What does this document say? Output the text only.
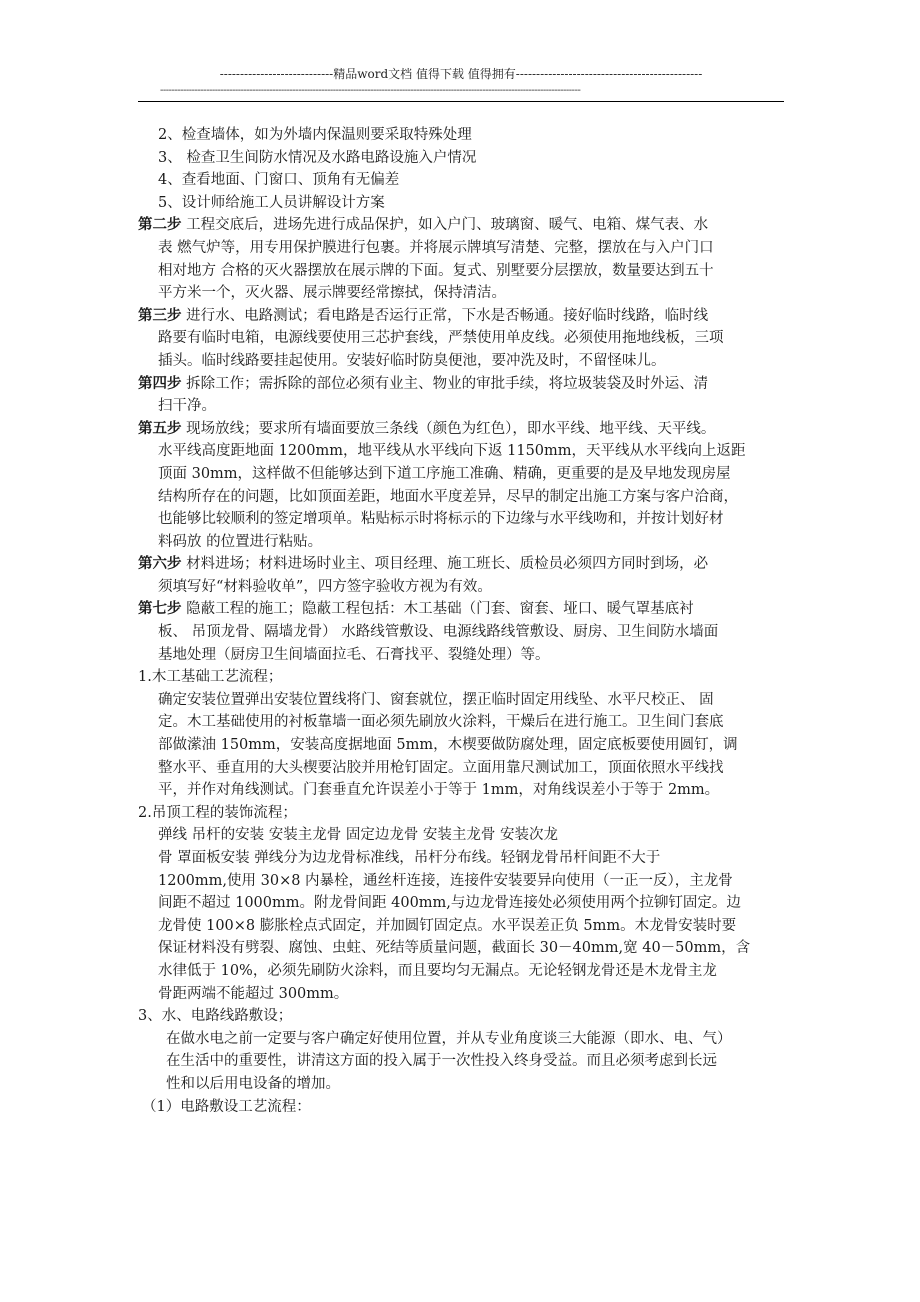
----------------------------精品word文档 值得下载 值得拥有----------------------------------------------
--------------------------------------------------------------------------------------------------------------------------------------------------
2、检查墙体，如为外墙内保温则要采取特殊处理
3、 检查卫生间防水情况及水路电路设施入户情况
4、查看地面、门窗口、顶角有无偏差
5、设计师给施工人员讲解设计方案
第二步 工程交底后，进场先进行成品保护，如入户门、玻璃窗、暖气、电箱、煤气表、水
表 燃气炉等，用专用保护膜进行包裹。并将展示牌填写清楚、完整，摆放在与入户门口
相对地方 合格的灭火器摆放在展示牌的下面。复式、别墅要分层摆放，数量要达到五十
平方米一个，灭火器、展示牌要经常擦拭，保持清洁。
第三步 进行水、电路测试；看电路是否运行正常，下水是否畅通。接好临时线路，临时线
路要有临时电箱，电源线要使用三芯护套线，严禁使用单皮线。必须使用拖地线板，三项
插头。临时线路要挂起使用。安装好临时防臭便池，要冲洗及时，不留怪味儿。
第四步 拆除工作；需拆除的部位必须有业主、物业的审批手续，将垃圾装袋及时外运、清
扫干净。
第五步 现场放线；要求所有墙面要放三条线（颜色为红色），即水平线、地平线、天平线。
水平线高度距地面 1200mm，地平线从水平线向下返 1150mm，天平线从水平线向上返距
顶面 30mm，这样做不但能够达到下道工序施工准确、精确，更重要的是及早地发现房屋
结构所存在的问题，比如顶面差距，地面水平度差异，尽早的制定出施工方案与客户洽商，
也能够比较顺利的签定增项单。粘贴标示时将标示的下边缘与水平线吻和，并按计划好材
料码放 的位置进行粘贴。
第六步 材料进场；材料进场时业主、项目经理、施工班长、质检员必须四方同时到场，必
须填写好“材料验收单”，四方签字验收方视为有效。
第七步 隐蔽工程的施工；隐蔽工程包括：木工基础（门套、窗套、垭口、暖气罩基底衬
板、 吊顶龙骨、隔墙龙骨） 水路线管敷设、电源线路线管敷设、厨房、卫生间防水墙面
基地处理（厨房卫生间墙面拉毛、石膏找平、裂缝处理）等。
1.木工基础工艺流程；
确定安装位置弹出安装位置线将门、窗套就位，摆正临时固定用线坠、水平尺校正、 固
定。木工基础使用的衬板靠墙一面必须先刷放火涂料，干燥后在进行施工。卫生间门套底
部做潆油 150mm，安装高度据地面 5mm，木楔要做防腐处理，固定底板要使用圆钉，调
整水平、垂直用的大头楔要沾胶并用枪钉固定。立面用靠尺测试加工，顶面依照水平线找
平，并作对角线测试。门套垂直允许误差小于等于 1mm，对角线误差小于等于 2mm。
2.吊顶工程的装饰流程；
弹线 吊杆的安装 安装主龙骨 固定边龙骨 安装主龙骨 安装次龙
骨 罩面板安装 弹线分为边龙骨标准线，吊杆分布线。轻钢龙骨吊杆间距不大于
1200mm,使用 30×8 内暴栓，通丝杆连接，连接件安装要异向使用（一正一反），主龙骨
间距不超过 1000mm。附龙骨间距 400mm,与边龙骨连接处必须使用两个拉铆钉固定。边
龙骨使 100×8 膨胀栓点式固定，并加圆钉固定点。水平误差正负 5mm。木龙骨安装时要
保证材料没有劈裂、腐蚀、虫蛀、死结等质量问题，截面长 30－40mm,宽 40－50mm，含
水律低于 10%，必须先刷防火涂料，而且要均匀无漏点。无论轻钢龙骨还是木龙骨主龙
骨距两端不能超过 300mm。
3、水、电路线路敷设；
在做水电之前一定要与客户确定好使用位置，并从专业角度谈三大能源（即水、电、气）
在生活中的重要性，讲清这方面的投入属于一次性投入终身受益。而且必须考虑到长远
性和以后用电设备的增加。
（1）电路敷设工艺流程：
